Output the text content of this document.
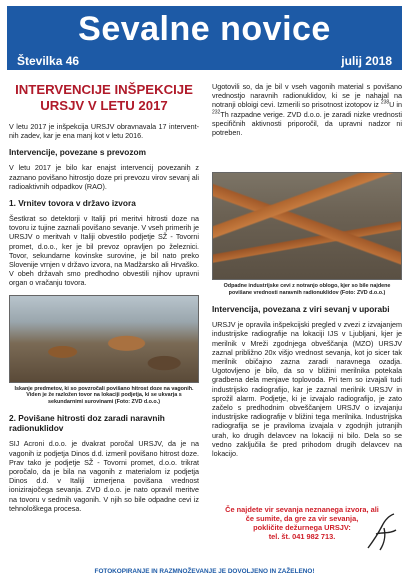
Sevalne novice
Številka 46	julij 2018
INTERVENCIJE INŠPEKCIJE URSJV V LETU 2017

V letu 2017 je inšpekcija URSJV obravnavala 17 interventnih zadev, kar je ena manj kot v letu 2016.

Intervencije, povezane s prevozom

V letu 2017 je bilo kar enajst intervencij povezanih z zaznano povišano hitrostjo doze pri prevozu virov sevanj ali radioaktivnih odpadkov (RAO).

1. Vrnitev tovora v državo izvora

Šestkrat so detektorji v Italiji pri meritvi hitrosti doze na tovoru iz tujine zaznali povišano sevanje. V vseh primerih je URSJV o meritvah v Italiji obvestilo podjetje SŽ - Tovorni promet, d.o.o., ker je bil prevoz opravljen po železnici. Tovor, sekundarne kovinske surovine, je bil nato preko Slovenije vrnjen v državo izvora, na Madžarsko ali Hrvaško. V obeh državah smo predhodno obvestili njihov upravni organ o vračanju tovora.

Iskanje predmetov, ki so povzročali povišano hitrost doze na vagonih. Viden je že razložen tovor na lokaciji podjetja, ki se ukvarja s sekundarnimi surovinami (Foto: ZVD d.o.o.)
2. Povišane hitrosti doz zaradi naravnih radionuklidov

SIJ Acroni d.o.o. je dvakrat poročal URSJV, da je na vagonih iz podjetja Dinos d.d. izmeril povišano hitrost doze. Prav tako je podjetje SŽ - Tovorni promet, d.o.o. trikrat poročalo, da je bila na vagonih z materialom iz podjetja Dinos d.d. v Italiji izmerjena povišana vrednost ionizirajočega sevanja. ZVD d.o.o. je nato opravil meritve na tovoru v sedmih vagonih. V njih so bile odpadne cevi iz tehnološkega procesa.

Ugotovili so, da je bil v vseh vagonih material s povišano vrednostjo naravnih radionuklidov, ki se je nahajal na notranji obloigi cevi. Izmerili so prisotnost izotopov iz $^{238}$U in $^{232}$Th razpadne verige. ZVD d.o.o. je zaradi nizke vrednosti specifičnih aktivnosti priporočil, da upravni nadzor ni potreben.

Odpadne industrijske cevi z notranjo oblogo, kjer so bile najdene povišane vrednosti naravnih radionuklidov (Foto: ZVD d.o.o.)
Intervencija, povezana z viri sevanj v uporabi

URSJV je opravila inšpekcijski pregled v zvezi z izvajanjem industrijske radiografije na lokaciji IJS v Ljubljani, kjer je merilnik v Mreži zgodnjega obveščanja (MZO) URSJV zaznal približno 20x višjo vrednost sevanja, kot jo sicer tak merilnik običajno zazna zaradi naravnega ozadja. Ugotovljeno je bilo, da so v bližini merilnika potekala gradbena dela menjave toplovoda. Pri tem so izvajali tudi industrijsko radiografijo, kar je zaznal merilnik URSJV in sprožil alarm. Podjetje, ki je izvajalo radiografijo, je zato začelo s predhodnim obveščanjem URSJV o izvajanju industrijske radiografije v bližini tega merilnika. Industrijska radiografija se je praviloma izvajala v zgodnjih jutranjih urah, ko drugih delavcev na lokaciji ni bilo. Dela so se vedno zaključila še pred prihodom drugih delavcev na lokacijo.

Če najdete vir sevanja neznanega izvora, ali
če sumite, da gre za vir sevanja,
pokličite dežurnega URSJV:
tel. št. 041 982 713.
FOTOKOPIRANJE IN RAZMNOŽEVANJE JE DOVOLJENO IN ZAŽELENO!
